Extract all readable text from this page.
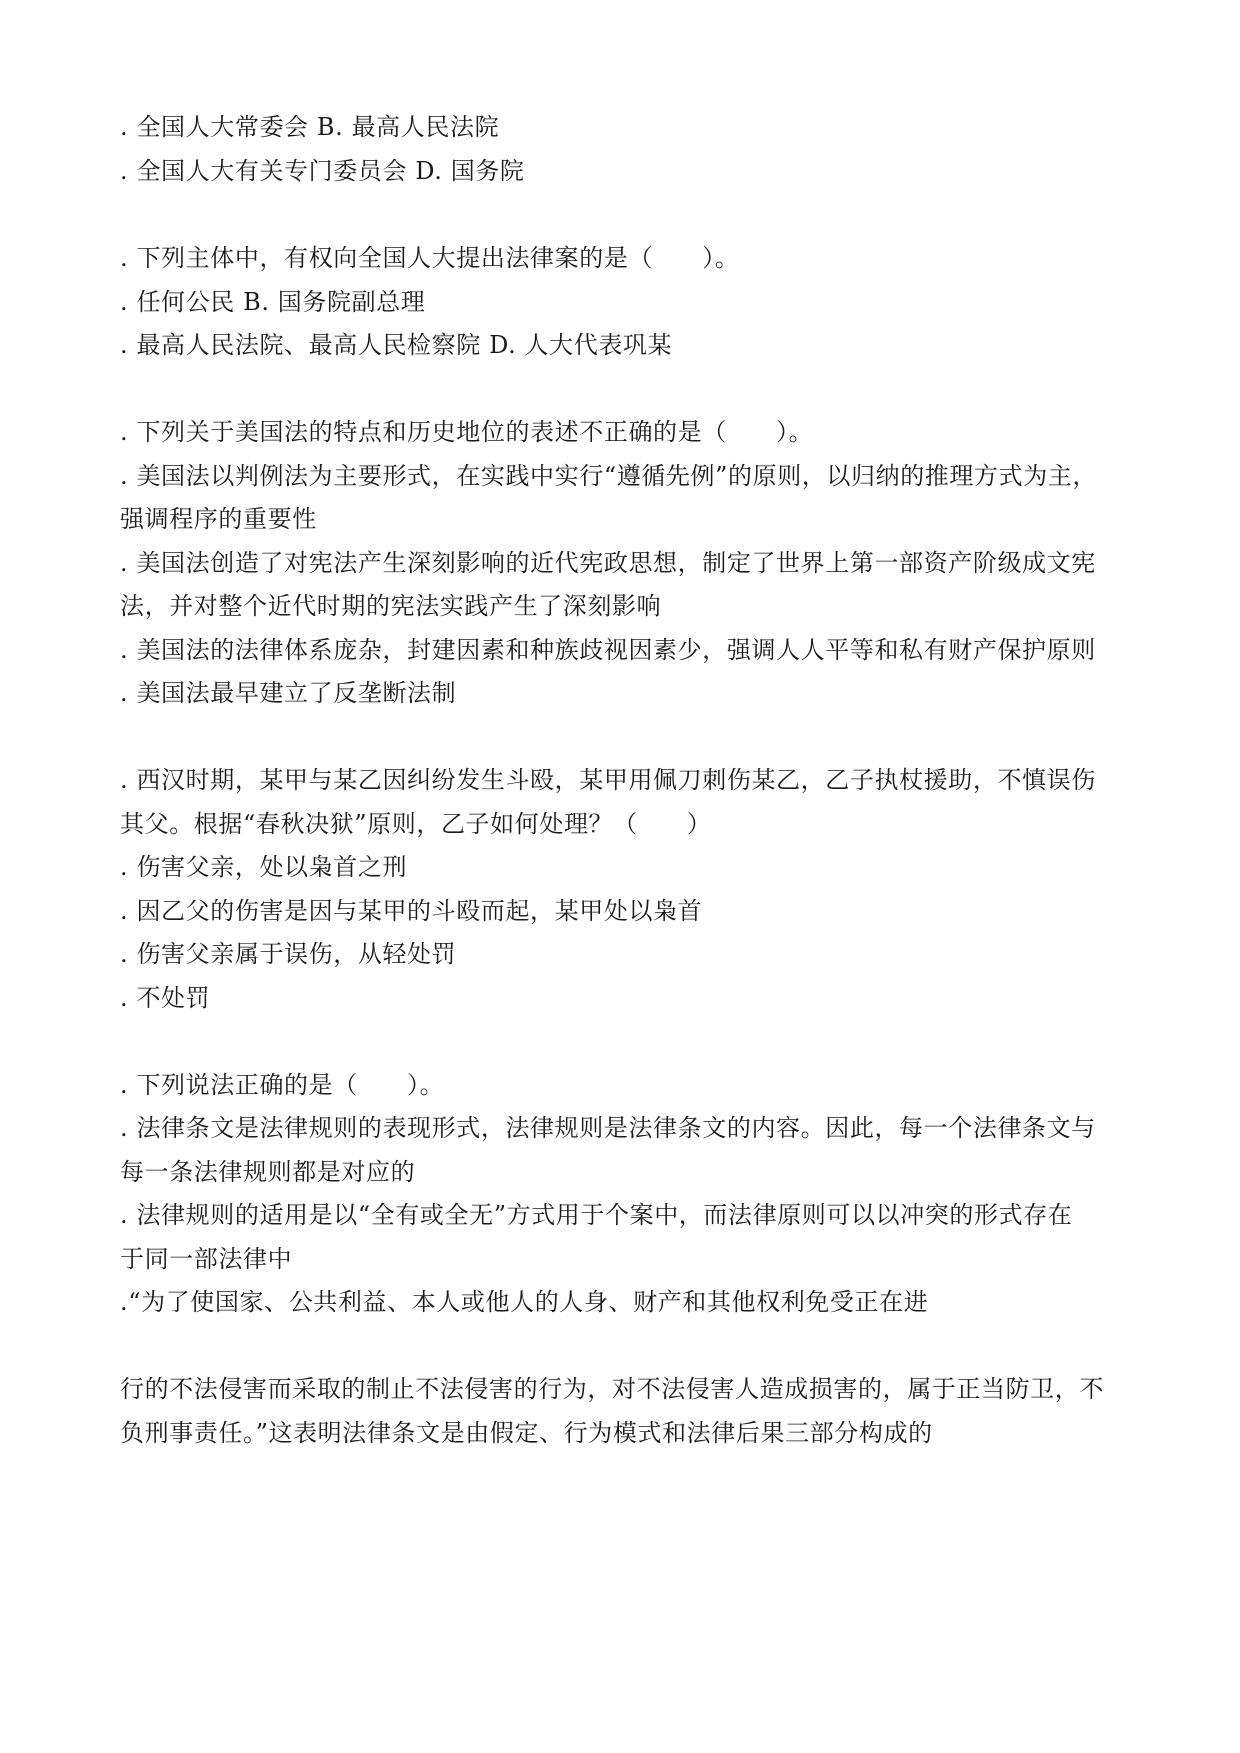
. 全国人大常委会 B. 最高人民法院
. 全国人大有关专门委员会 D. 国务院
. 下列主体中，有权向全国人大提出法律案的是（　　）。
. 任何公民 B. 国务院副总理
. 最高人民法院、最高人民检察院 D. 人大代表巩某
. 下列关于美国法的特点和历史地位的表述不正确的是（　　）。
. 美国法以判例法为主要形式，在实践中实行“遵循先例”的原则，以归纳的推理方式为主，
强调程序的重要性
. 美国法创造了对宪法产生深刻影响的近代宪政思想，制定了世界上第一部资产阶级成文宪
法，并对整个近代时期的宪法实践产生了深刻影响
. 美国法的法律体系庞杂，封建因素和种族歧视因素少，强调人人平等和私有财产保护原则
. 美国法最早建立了反垄断法制
. 西汉时期，某甲与某乙因纠纷发生斗殴，某甲用佩刀刺伤某乙，乙子执杖援助，不慎误伤
其父。根据“春秋决狱”原则，乙子如何处理？（　　）
. 伤害父亲，处以枭首之刑
. 因乙父的伤害是因与某甲的斗殴而起，某甲处以枭首
. 伤害父亲属于误伤，从轻处罚
. 不处罚
. 下列说法正确的是（　　）。
. 法律条文是法律规则的表现形式，法律规则是法律条文的内容。因此，每一个法律条文与
每一条法律规则都是对应的
. 法律规则的适用是以“全有或全无”方式用于个案中，而法律原则可以以冲突的形式存在
于同一部法律中
.“为了使国家、公共利益、本人或他人的人身、财产和其他权利免受正在进
行的不法侵害而采取的制止不法侵害的行为，对不法侵害人造成损害的，属于正当防卫，不
负刑事责任。”这表明法律条文是由假定、行为模式和法律后果三部分构成的
